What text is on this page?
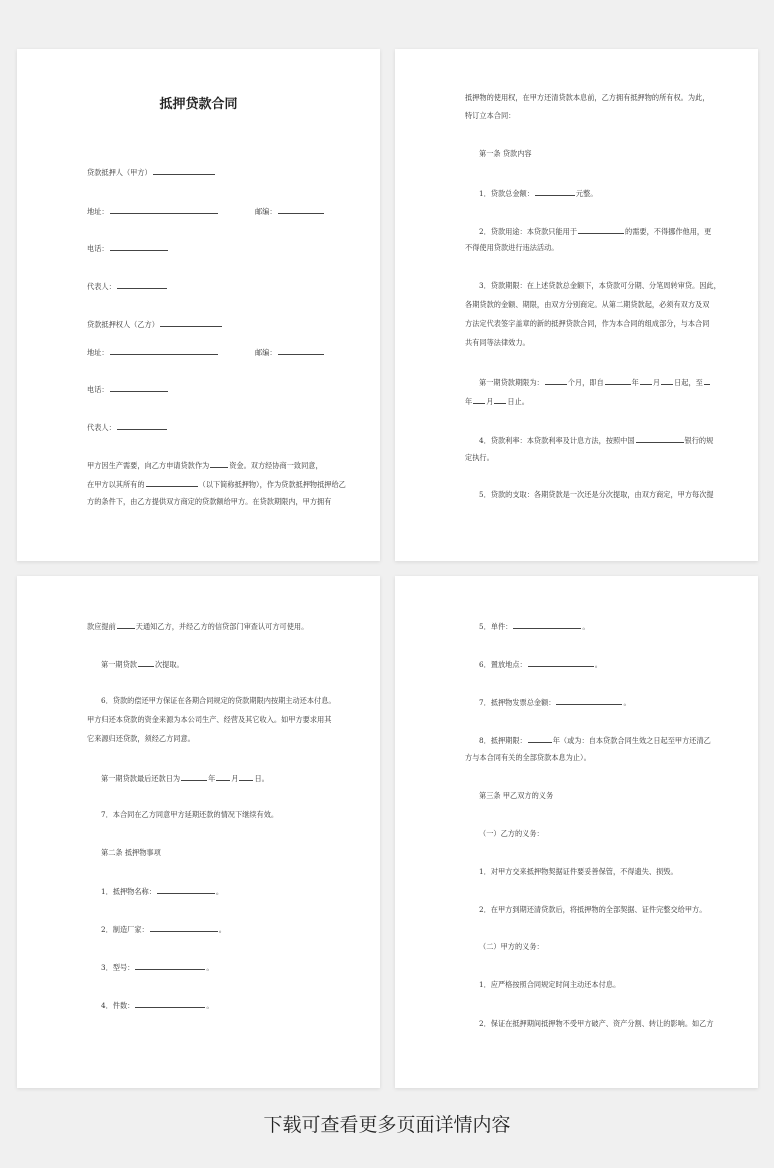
抵押贷款合同
贷款抵押人（甲方）
地址：	邮编：
电话：
代表人：
贷款抵押权人（乙方）
地址：	邮编：
电话：
代表人：
甲方因生产需要，向乙方申请贷款作为	资金。双方经协商一致同意，
在甲方以其所有的	（以下简称抵押物），作为贷款抵押物抵押给乙
方的条件下，由乙方提供双方商定的贷款额给甲方。在贷款期限内，甲方拥有
抵押物的使用权，在甲方还清贷款本息前，乙方拥有抵押物的所有权。为此，
特订立本合同：
第一条 贷款内容
1．贷款总金额：	元整。
2．贷款用途：本贷款只能用于	的需要，不得挪作他用，更
不得使用贷款进行违法活动。
3．贷款期限：在上述贷款总金额下，本贷款可分期、分笔周转审贷。因此，
各期贷款的金额、期限，由双方分别商定。从第二期贷款起，必须有双方及双
方法定代表签字盖章的新的抵押贷款合同，作为本合同的组成部分，与本合同
共有同等法律效力。
第一期贷款期限为：	个月，即自	年 月 日起，至
年 月 日止。
4．贷款利率：本贷款利率及计息方法，按照中国	银行的规
定执行。
5．贷款的支取：各期贷款是一次还是分次提取，由双方商定，甲方每次提
款应提前	天通知乙方，并经乙方的信贷部门审查认可方可使用。
第一期贷款	次提取。
6．贷款的偿还甲方保证在各期合同规定的贷款期限内按期主动还本付息。
甲方归还本贷款的资金来源为本公司生产、经营及其它收入。如甲方要求用其
它来源归还贷款，须经乙方同意。
第一期贷款最后还款日为	年 月 日。
7．本合同在乙方同意甲方延期还款的情况下继续有效。
第二条 抵押物事项
1．抵押物名称：	。
2．制造厂家：	。
3．型号：	。
4．件数：	。
5．单件：	。
6．置放地点：	。
7．抵押物发票总金额：	。
8．抵押期限：	年（或为：自本贷款合同生效之日起至甲方还清乙
方与本合同有关的全部贷款本息为止）。
第三条 甲乙双方的义务
（一）乙方的义务：
1．对甲方交来抵押物契据证件要妥善保管，不得遗失、损毁。
2．在甲方到期还清贷款后，将抵押物的全部契据、证件完整交给甲方。
（二）甲方的义务：
1．应严格按照合同规定时间主动还本付息。
2．保证在抵押期间抵押物不受甲方破产、资产分割、转让的影响。如乙方
下载可查看更多页面详情内容
